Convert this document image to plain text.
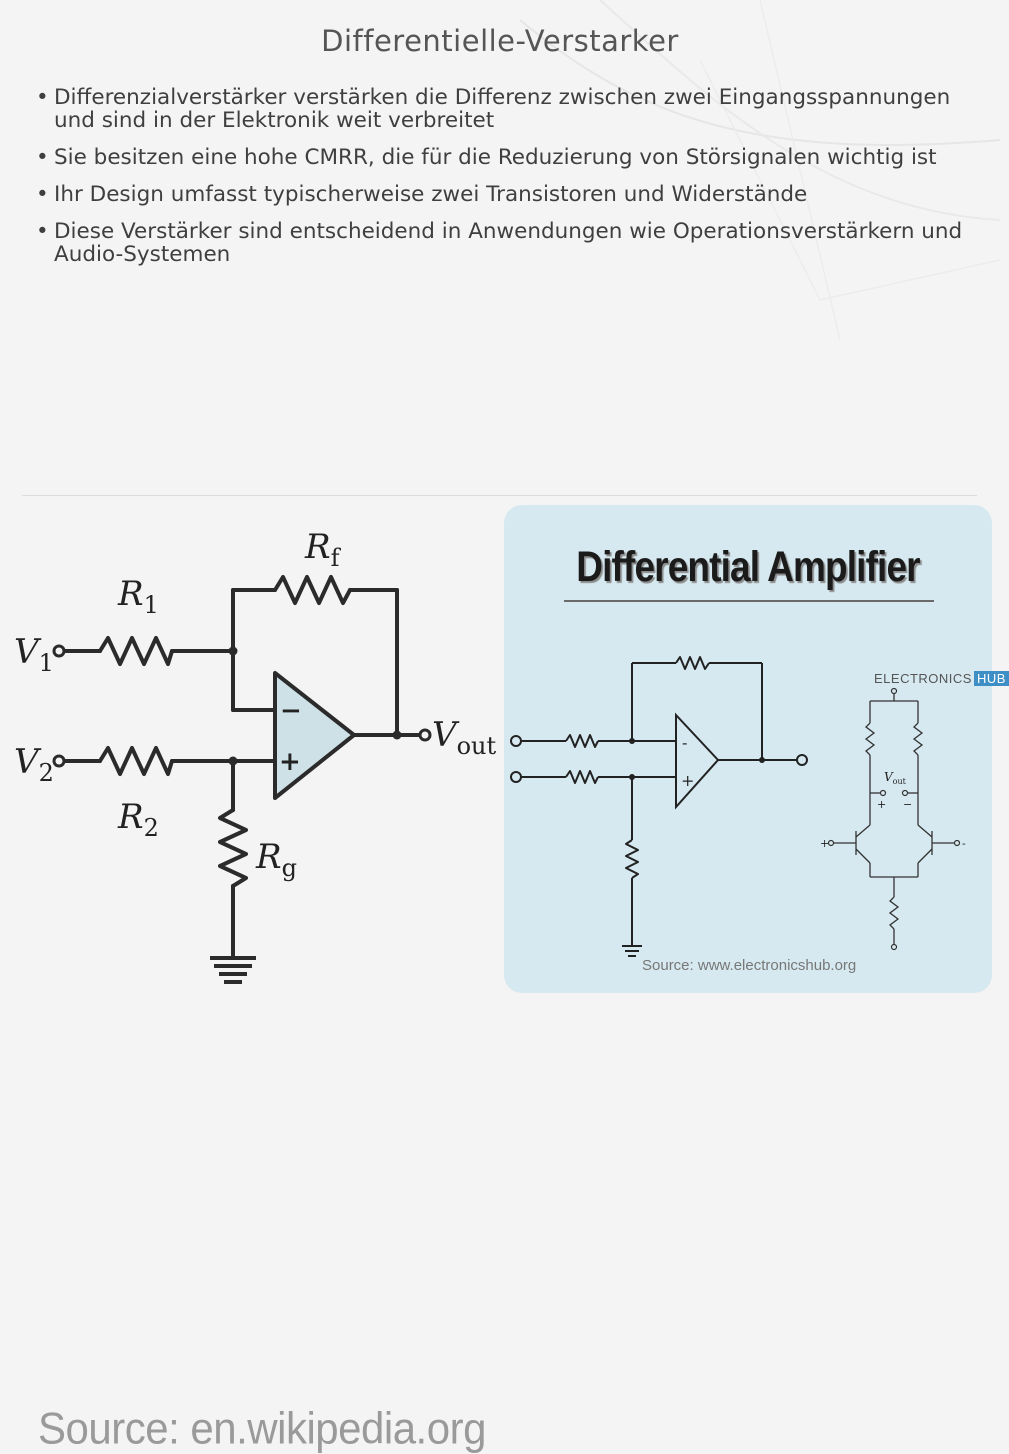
Differentielle-Verstarker
• Differenzialverstärker verstärken die Differenz zwischen zwei Eingangsspannungen und sind in der Elektronik weit verbreitet
• Sie besitzen eine hohe CMRR, die für die Reduzierung von Störsignalen wichtig ist
• Ihr Design umfasst typischerweise zwei Transistoren und Widerstände
• Diese Verstärker sind entscheidend in Anwendungen wie Operationsverstärkern und Audio-Systemen
−
+
$R_f$
$R_1$
$R_2$
$R_g$
$V_1$
$V_2$
$V_{out}$
Source: en.wikipedia.org
Differential Amplifier
-
+	$V_{out}$
+ −
+	-
ELECTRONICS HUB
Source: www.electronicshub.org
